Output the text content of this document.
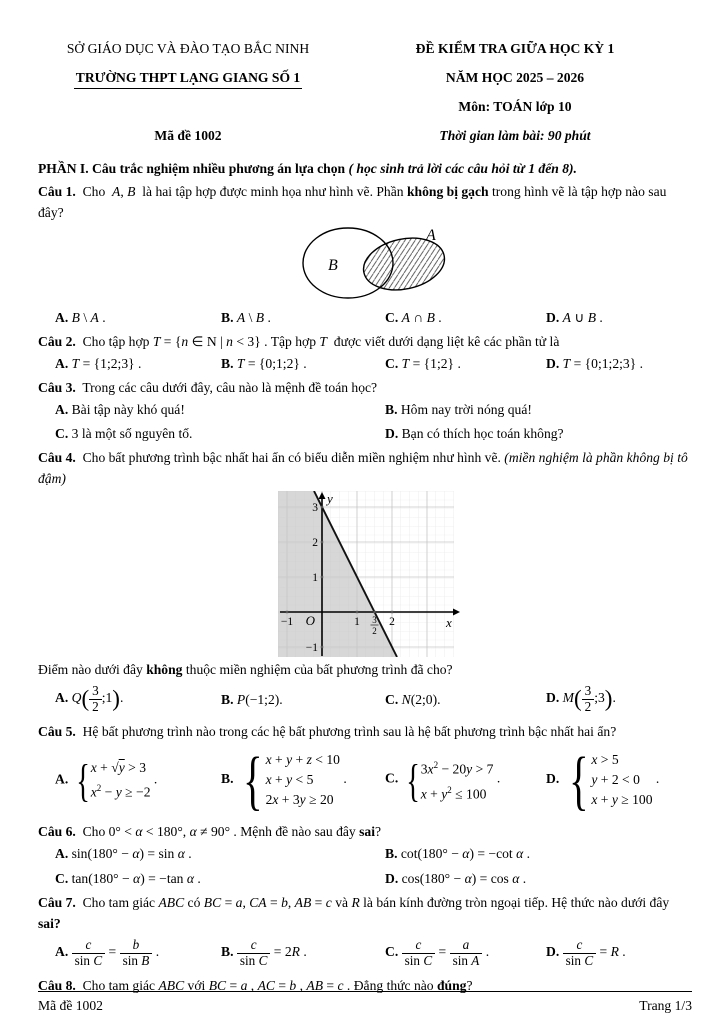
SỞ GIÁO DỤC VÀ ĐÀO TẠO BẮC NINH
TRƯỜNG THPT LẠNG GIANG SỐ 1
Mã đề 1002
ĐỀ KIỂM TRA GIỮA HỌC KỲ 1
NĂM HỌC 2025 – 2026
Môn: TOÁN lớp 10
Thời gian làm bài: 90 phút

PHẦN I. Câu trắc nghiệm nhiều phương án lựa chọn ( học sinh trả lời các câu hỏi từ 1 đến 8).

Câu 1.  Cho  A, B  là hai tập hợp được minh họa như hình vẽ. Phần không bị gạch trong hình vẽ là tập hợp nào sau đây?

A
B
A. B \ A .	B. A \ B .	C. A ∩ B .	D. A ∪ B .

Câu 2.  Cho tập hợp T = {n ∈ N | n < 3} . Tập hợp T  được viết dưới dạng liệt kê các phần tử là

A. T = {1;2;3} .	B. T = {0;1;2} .	C. T = {1;2} .	D. T = {0;1;2;3} .

Câu 3.  Trong các câu dưới đây, câu nào là mệnh đề toán học?

A. Bài tập này khó quá!	B. Hôm nay trời nóng quá!
C. 3 là một số nguyên tố.	D. Bạn có thích học toán không?

Câu 4.  Cho bất phương trình bậc nhất hai ẩn có biểu diễn miền nghiệm như hình vẽ. (miền nghiệm là phần không bị tô đậm)

3
2
1
−1
−1	1	2
3
2
O	x
y

Điểm nào dưới đây không thuộc miền nghiệm của bất phương trình đã cho?

A. $Q( \frac{3}{2}$ ;1).	B. P(−1;2).	C. N(2;0).	D. $M( \frac{3}{2}$ ;3).

Câu 5.  Hệ bất phương trình nào trong các hệ bất phương trình sau là hệ bất phương trình bậc nhất hai ẩn?

A. { x + √y > 3
$x^2 - y \ge -2$
.	B. { x + y + z < 10
x + y < 5
2x + 3y ≥ 20
.	C. { $3x^2 - 20y > 7$
$x + y^2 \le 100$
.	D. { x > 5
y + 2 < 0
x + y ≥ 100
.

Câu 6.  Cho 0° < α < 180°, α ≠ 90° . Mệnh đề nào sau đây sai?

A. sin(180° − α) = sin α .	B. cot(180° − α) = −cot α .
C. tan(180° − α) = −tan α .	D. cos(180° − α) = cos α .

Câu 7.  Cho tam giác ABC có BC = a, CA = b, AB = c và R là bán kính đường tròn ngoại tiếp. Hệ thức nào dưới đây sai?

A. $\frac{c}{\text{sin C}} = \frac{b}{\text{sin B}}$ .	B. $\frac{c}{\text{sin C}} = 2R$ .	C. $\frac{c}{\text{sin C}} = \frac{a}{\text{sin A}}$ .	D. $\frac{c}{\text{sin C}} = R$ .

Câu 8.  Cho tam giác ABC với BC = a , AC = b , AB = c . Đẳng thức nào đúng?

Mã đề 1002	Trang 1/3
